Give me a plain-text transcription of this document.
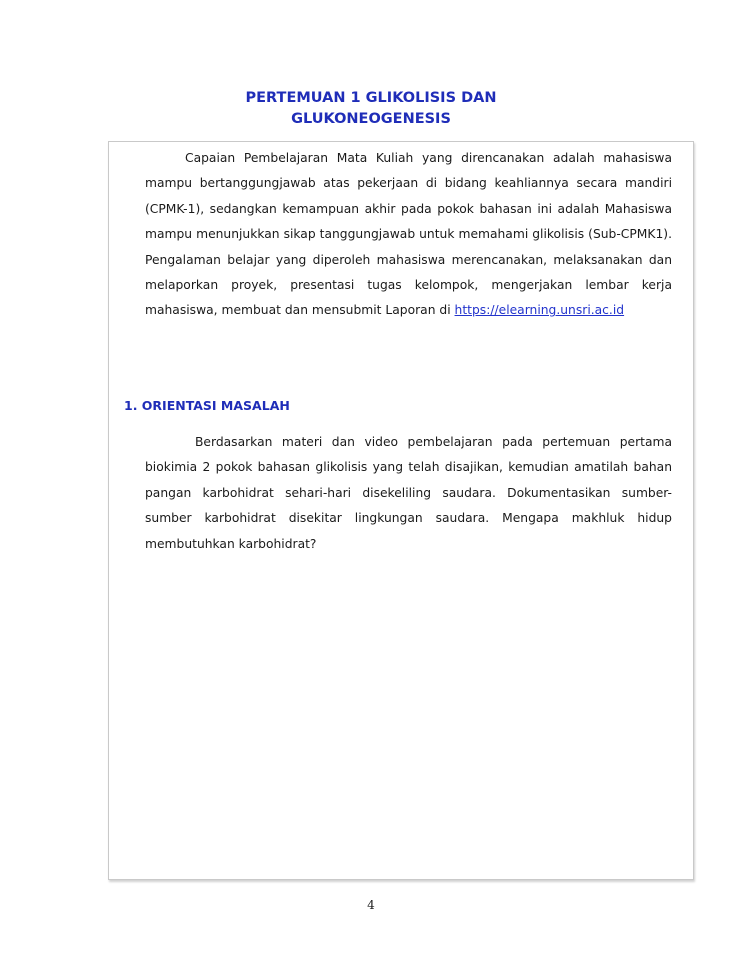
PERTEMUAN 1 GLIKOLISIS DAN
GLUKONEOGENESIS
Capaian Pembelajaran Mata Kuliah yang direncanakan adalah mahasiswa mampu bertanggungjawab atas pekerjaan di bidang keahliannya secara mandiri (CPMK-1), sedangkan kemampuan akhir pada pokok bahasan ini adalah Mahasiswa mampu menunjukkan sikap tanggungjawab untuk memahami glikolisis (Sub-CPMK1). Pengalaman belajar yang diperoleh mahasiswa merencanakan, melaksanakan dan melaporkan proyek, presentasi tugas kelompok, mengerjakan lembar kerja mahasiswa, membuat dan mensubmit Laporan di https://elearning.unsri.ac.id
1. ORIENTASI MASALAH
Berdasarkan materi dan video pembelajaran pada pertemuan pertama biokimia 2 pokok bahasan glikolisis yang telah disajikan, kemudian amatilah bahan pangan karbohidrat sehari-hari disekeliling saudara. Dokumentasikan sumber-sumber karbohidrat disekitar lingkungan saudara. Mengapa makhluk hidup membutuhkan karbohidrat?
4
